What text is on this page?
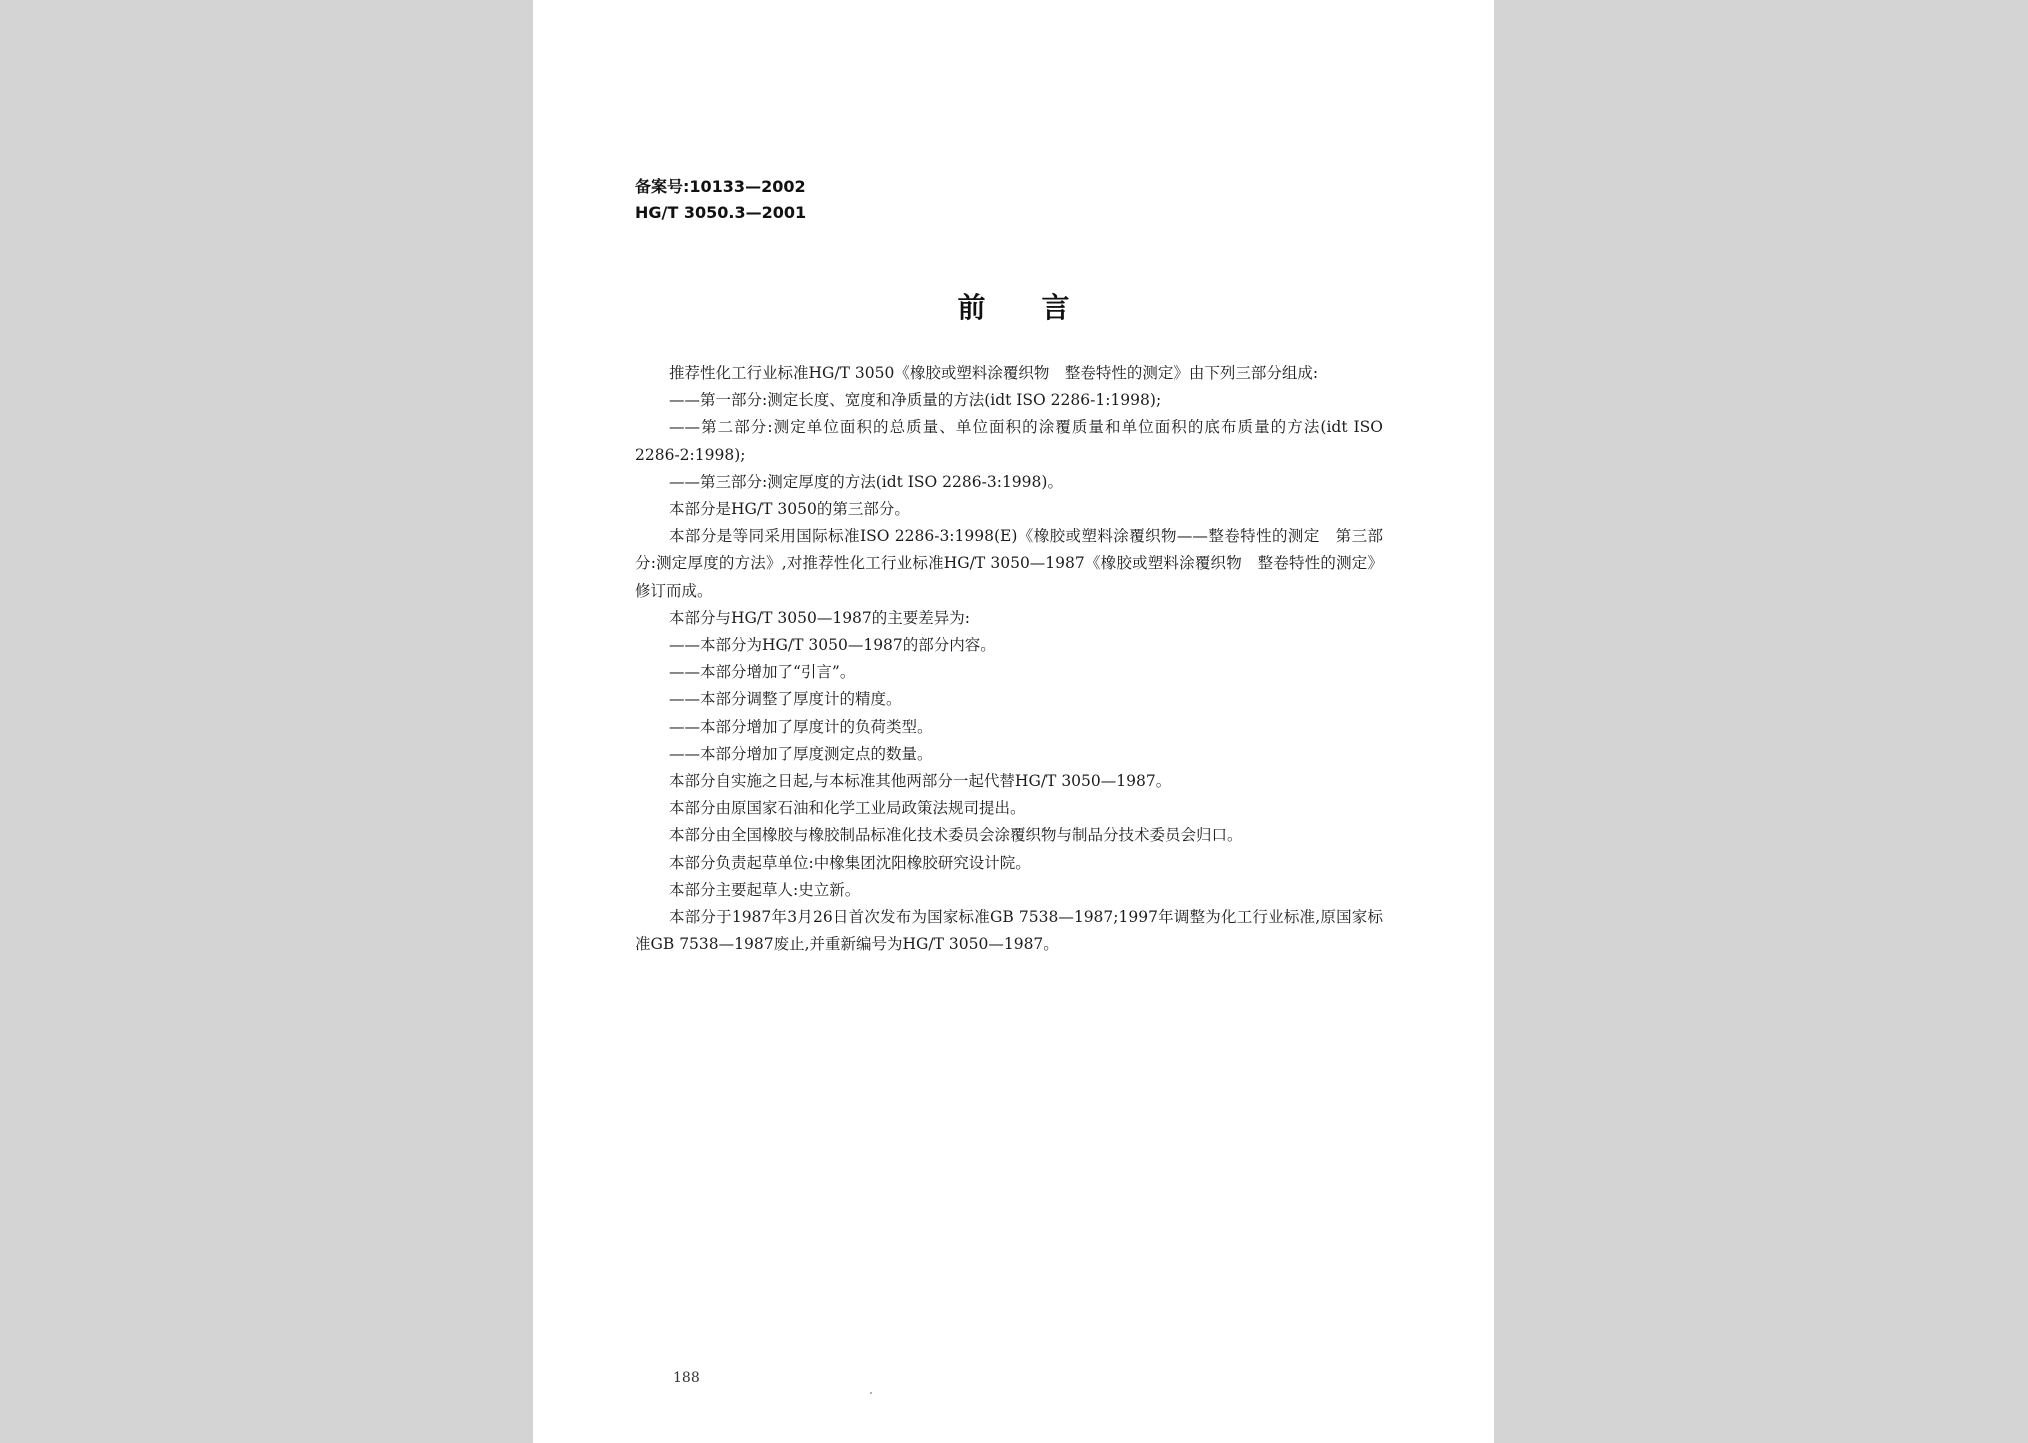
备案号:10133—2002
HG/T 3050.3—2001
前言

推荐性化工行业标准HG/T 3050《橡胶或塑料涂覆织物　整卷特性的测定》由下列三部分组成:

——第一部分:测定长度、宽度和净质量的方法(idt ISO 2286-1:1998);

——第二部分:测定单位面积的总质量、单位面积的涂覆质量和单位面积的底布质量的方法(idt ISO 2286-2:1998);

——第三部分:测定厚度的方法(idt ISO 2286-3:1998)。

本部分是HG/T 3050的第三部分。

本部分是等同采用国际标准ISO 2286-3:1998(E)《橡胶或塑料涂覆织物——整卷特性的测定　第三部分:测定厚度的方法》,对推荐性化工行业标准HG/T 3050—1987《橡胶或塑料涂覆织物　整卷特性的测定》修订而成。

本部分与HG/T 3050—1987的主要差异为:

——本部分为HG/T 3050—1987的部分内容。

——本部分增加了“引言”。

——本部分调整了厚度计的精度。

——本部分增加了厚度计的负荷类型。

——本部分增加了厚度测定点的数量。

本部分自实施之日起,与本标准其他两部分一起代替HG/T 3050—1987。

本部分由原国家石油和化学工业局政策法规司提出。

本部分由全国橡胶与橡胶制品标准化技术委员会涂覆织物与制品分技术委员会归口。

本部分负责起草单位:中橡集团沈阳橡胶研究设计院。

本部分主要起草人:史立新。

本部分于1987年3月26日首次发布为国家标准GB 7538—1987;1997年调整为化工行业标准,原国家标准GB 7538—1987废止,并重新编号为HG/T 3050—1987。

188
